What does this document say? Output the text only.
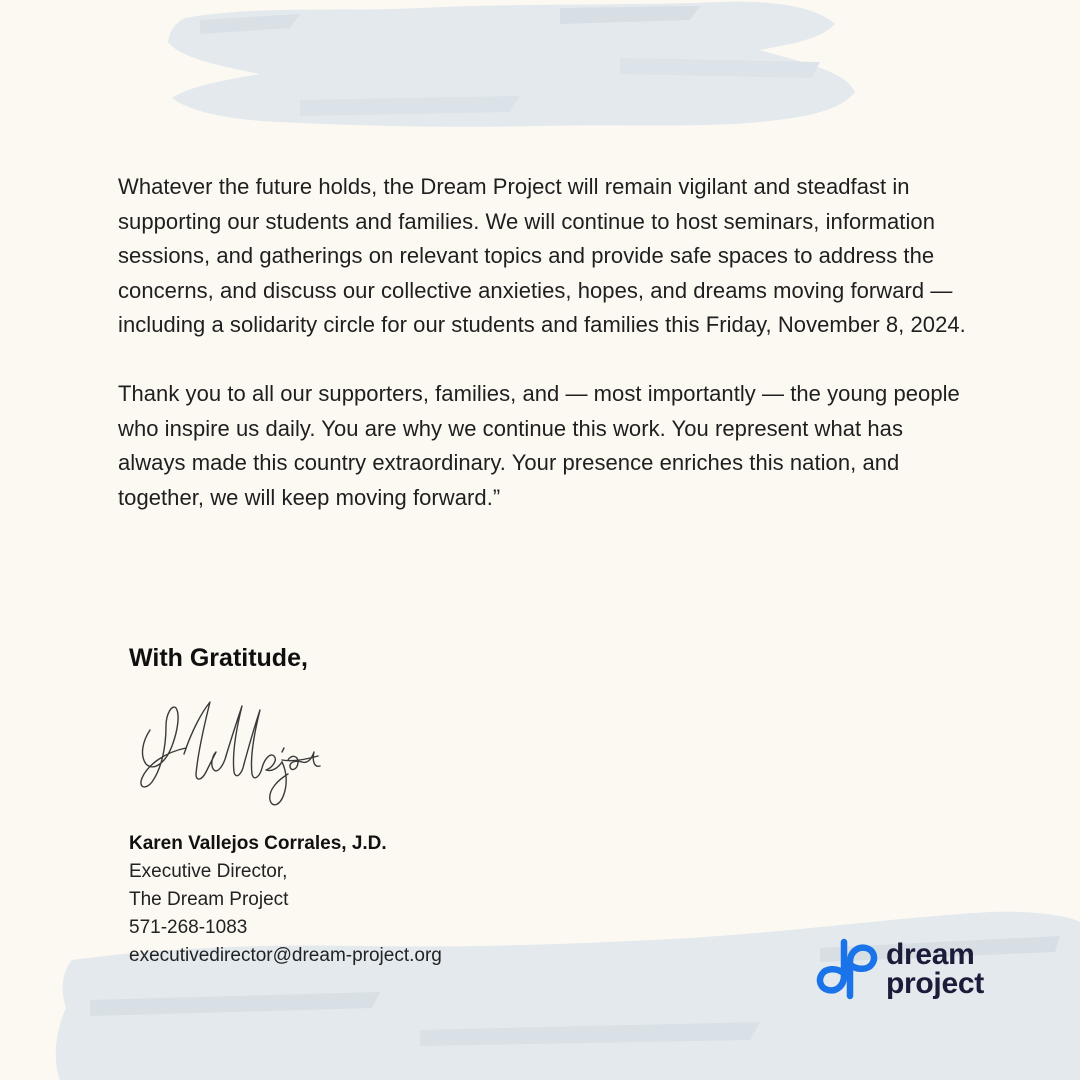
Whatever the future holds, the Dream Project will remain vigilant and steadfast in supporting our students and families. We will continue to host seminars, information sessions, and gatherings on relevant topics and provide safe spaces to address the concerns, and discuss our collective anxieties, hopes, and dreams moving forward — including a solidarity circle for our students and families this Friday, November 8, 2024.

Thank you to all our supporters, families, and — most importantly — the young people who inspire us daily. You are why we continue this work. You represent what has always made this country extraordinary. Your presence enriches this nation, and together, we will keep moving forward.”

With Gratitude,
Karen Vallejos Corrales, J.D.
Executive Director,
The Dream Project
571-268-1083
executivedirector@dream-project.org	dream
project
